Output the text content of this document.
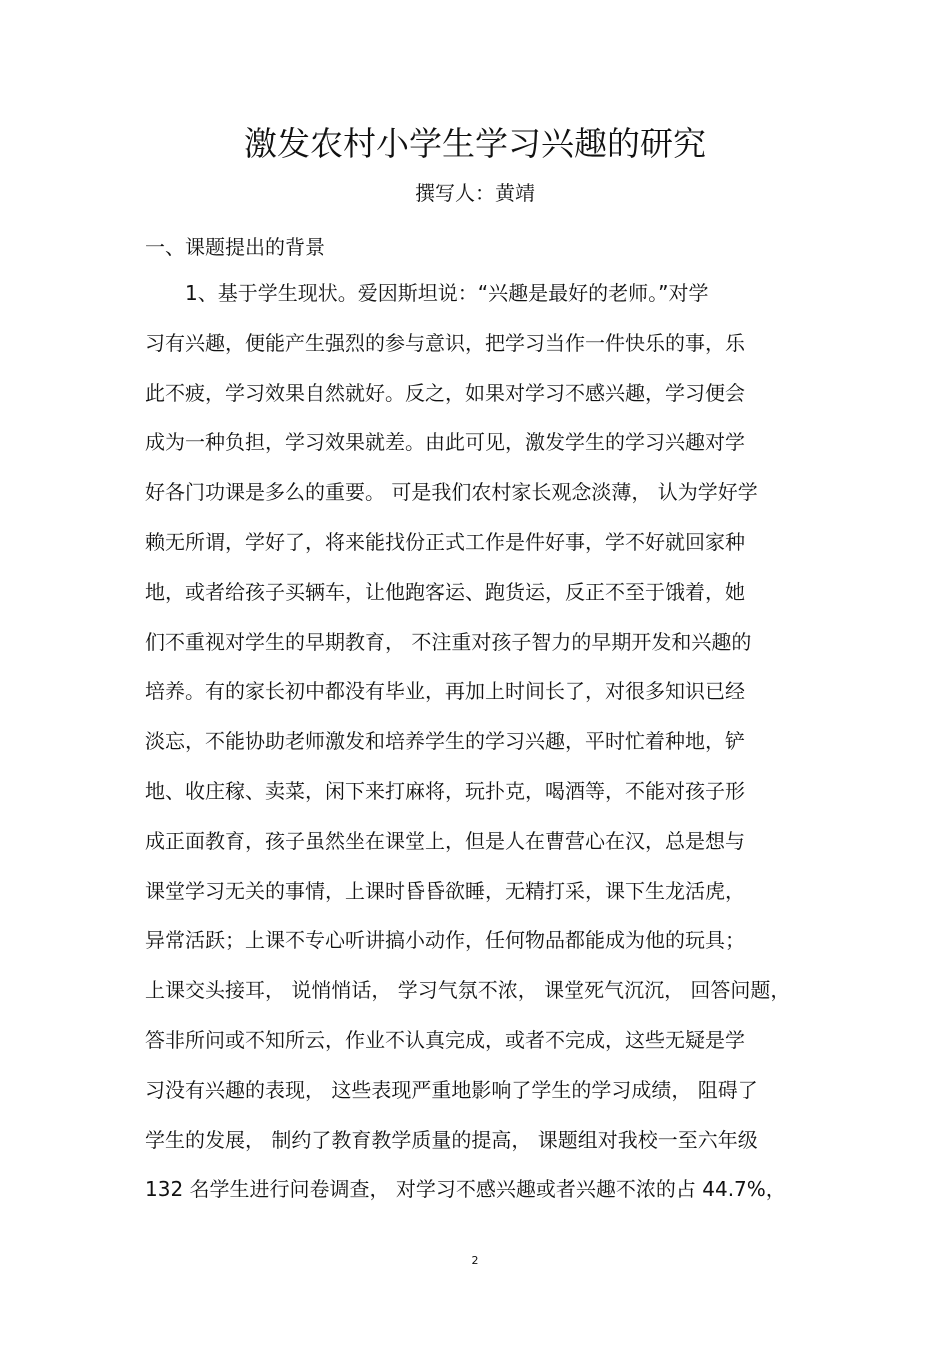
激发农村小学生学习兴趣的研究
撰写人：黄靖
一、课题提出的背景
1、基于学生现状。爱因斯坦说：“兴趣是最好的老师。”对学
习有兴趣，便能产生强烈的参与意识，把学习当作一件快乐的事，乐
此不疲，学习效果自然就好。反之，如果对学习不感兴趣，学习便会
成为一种负担，学习效果就差。由此可见，激发学生的学习兴趣对学
好各门功课是多么的重要。 可是我们农村家长观念淡薄， 认为学好学
赖无所谓，学好了，将来能找份正式工作是件好事，学不好就回家种
地，或者给孩子买辆车，让他跑客运、跑货运，反正不至于饿着，她
们不重视对学生的早期教育， 不注重对孩子智力的早期开发和兴趣的
培养。有的家长初中都没有毕业，再加上时间长了，对很多知识已经
淡忘，不能协助老师激发和培养学生的学习兴趣，平时忙着种地，铲
地、收庄稼、卖菜，闲下来打麻将，玩扑克，喝酒等，不能对孩子形
成正面教育，孩子虽然坐在课堂上，但是人在曹营心在汉，总是想与
课堂学习无关的事情，上课时昏昏欲睡，无精打采，课下生龙活虎，
异常活跃；上课不专心听讲搞小动作，任何物品都能成为他的玩具；
上课交头接耳， 说悄悄话， 学习气氛不浓， 课堂死气沉沉， 回答问题，
答非所问或不知所云，作业不认真完成，或者不完成，这些无疑是学
习没有兴趣的表现， 这些表现严重地影响了学生的学习成绩， 阻碍了
学生的发展， 制约了教育教学质量的提高， 课题组对我校一至六年级
132 名学生进行问卷调查， 对学习不感兴趣或者兴趣不浓的占 44.7%，
2
